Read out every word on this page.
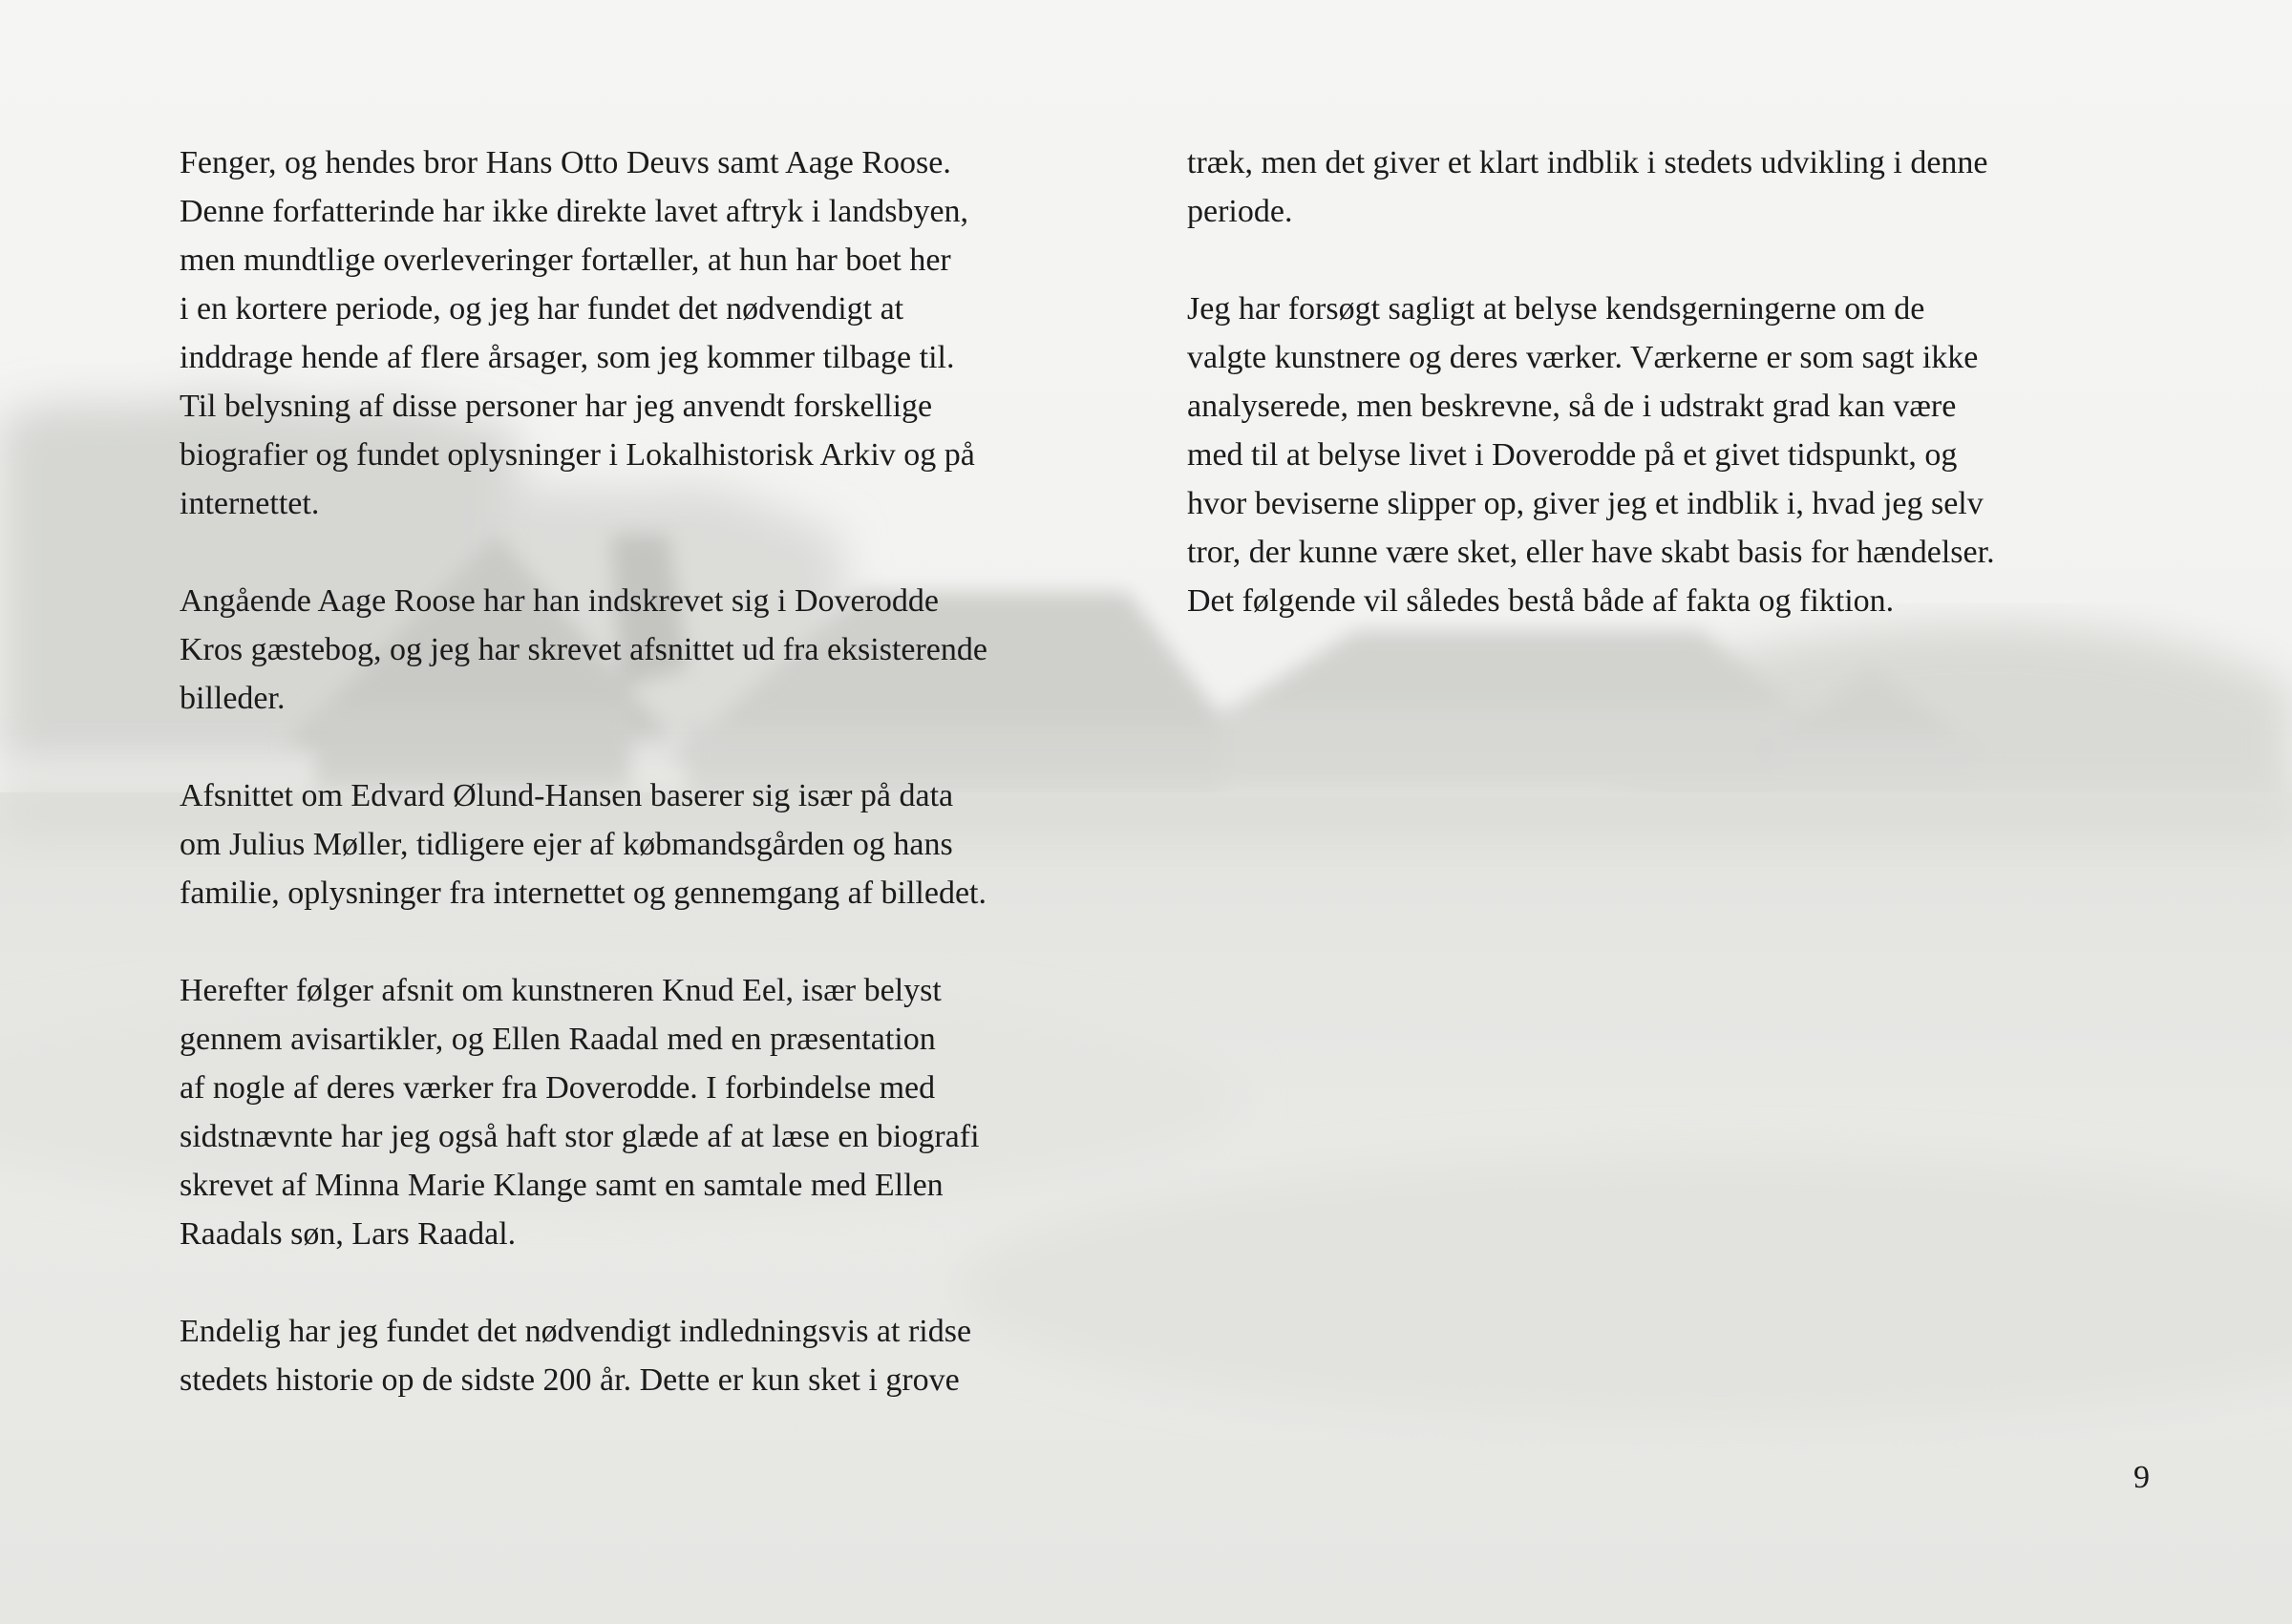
Fenger, og hendes bror Hans Otto Deuvs samt Aage Roose.
Denne forfatterinde har ikke direkte lavet aftryk i landsbyen,
men mundtlige overleveringer fortæller, at hun har boet her
i en kortere periode, og jeg har fundet det nødvendigt at
inddrage hende af flere årsager, som jeg kommer tilbage til.
Til belysning af disse personer har jeg anvendt forskellige
biografier og fundet oplysninger i Lokalhistorisk Arkiv og på
internettet.
Angående Aage Roose har han indskrevet sig i Doverodde
Kros gæstebog, og jeg har skrevet afsnittet ud fra eksisterende
billeder.
Afsnittet om Edvard Ølund-Hansen baserer sig især på data
om Julius Møller, tidligere ejer af købmandsgården og hans
familie, oplysninger fra internettet og gennemgang af billedet.
Herefter følger afsnit om kunstneren Knud Eel, især belyst
gennem avisartikler, og Ellen Raadal med en præsentation
af nogle af deres værker fra Doverodde. I forbindelse med
sidstnævnte har jeg også haft stor glæde af at læse en biografi
skrevet af Minna Marie Klange samt en samtale med Ellen
Raadals søn, Lars Raadal.
Endelig har jeg fundet det nødvendigt indledningsvis at ridse
stedets historie op de sidste 200 år. Dette er kun sket i grove
træk, men det giver et klart indblik i stedets udvikling i denne
periode.
Jeg har forsøgt sagligt at belyse kendsgerningerne om de
valgte kunstnere og deres værker. Værkerne er som sagt ikke
analyserede, men beskrevne, så de i udstrakt grad kan være
med til at belyse livet i Doverodde på et givet tidspunkt, og
hvor beviserne slipper op, giver jeg et indblik i, hvad jeg selv
tror, der kunne være sket, eller have skabt basis for hændelser.
Det følgende vil således bestå både af fakta og fiktion.
9
